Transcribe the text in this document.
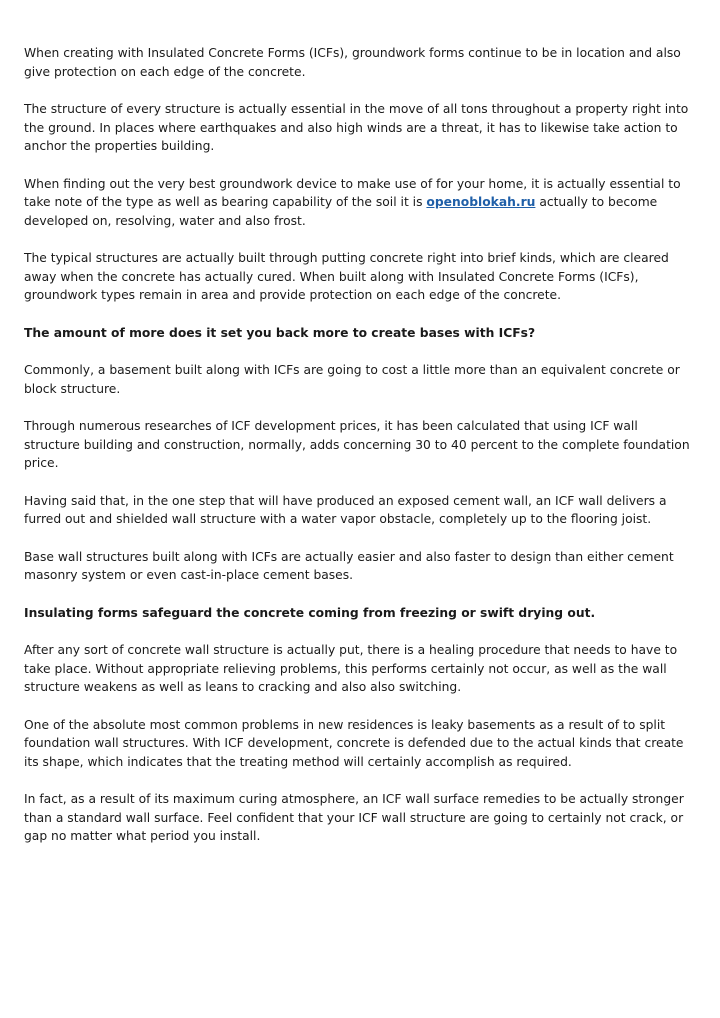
When creating with Insulated Concrete Forms (ICFs), groundwork forms continue to be in location and also give protection on each edge of the concrete.

The structure of every structure is actually essential in the move of all tons throughout a property right into the ground. In places where earthquakes and also high winds are a threat, it has to likewise take action to anchor the properties building.

When finding out the very best groundwork device to make use of for your home, it is actually essential to take note of the type as well as bearing capability of the soil it is openoblokah.ru actually to become developed on, resolving, water and also frost.

The typical structures are actually built through putting concrete right into brief kinds, which are cleared away when the concrete has actually cured. When built along with Insulated Concrete Forms (ICFs), groundwork types remain in area and provide protection on each edge of the concrete.

The amount of more does it set you back more to create bases with ICFs?

Commonly, a basement built along with ICFs are going to cost a little more than an equivalent concrete or block structure.

Through numerous researches of ICF development prices, it has been calculated that using ICF wall structure building and construction, normally, adds concerning 30 to 40 percent to the complete foundation price.

Having said that, in the one step that will have produced an exposed cement wall, an ICF wall delivers a furred out and shielded wall structure with a water vapor obstacle, completely up to the flooring joist.

Base wall structures built along with ICFs are actually easier and also faster to design than either cement masonry system or even cast-in-place cement bases.

Insulating forms safeguard the concrete coming from freezing or swift drying out.

After any sort of concrete wall structure is actually put, there is a healing procedure that needs to have to take place. Without appropriate relieving problems, this performs certainly not occur, as well as the wall structure weakens as well as leans to cracking and also also switching.

One of the absolute most common problems in new residences is leaky basements as a result of to split foundation wall structures. With ICF development, concrete is defended due to the actual kinds that create its shape, which indicates that the treating method will certainly accomplish as required.

In fact, as a result of its maximum curing atmosphere, an ICF wall surface remedies to be actually stronger than a standard wall surface. Feel confident that your ICF wall structure are going to certainly not crack, or gap no matter what period you install.
